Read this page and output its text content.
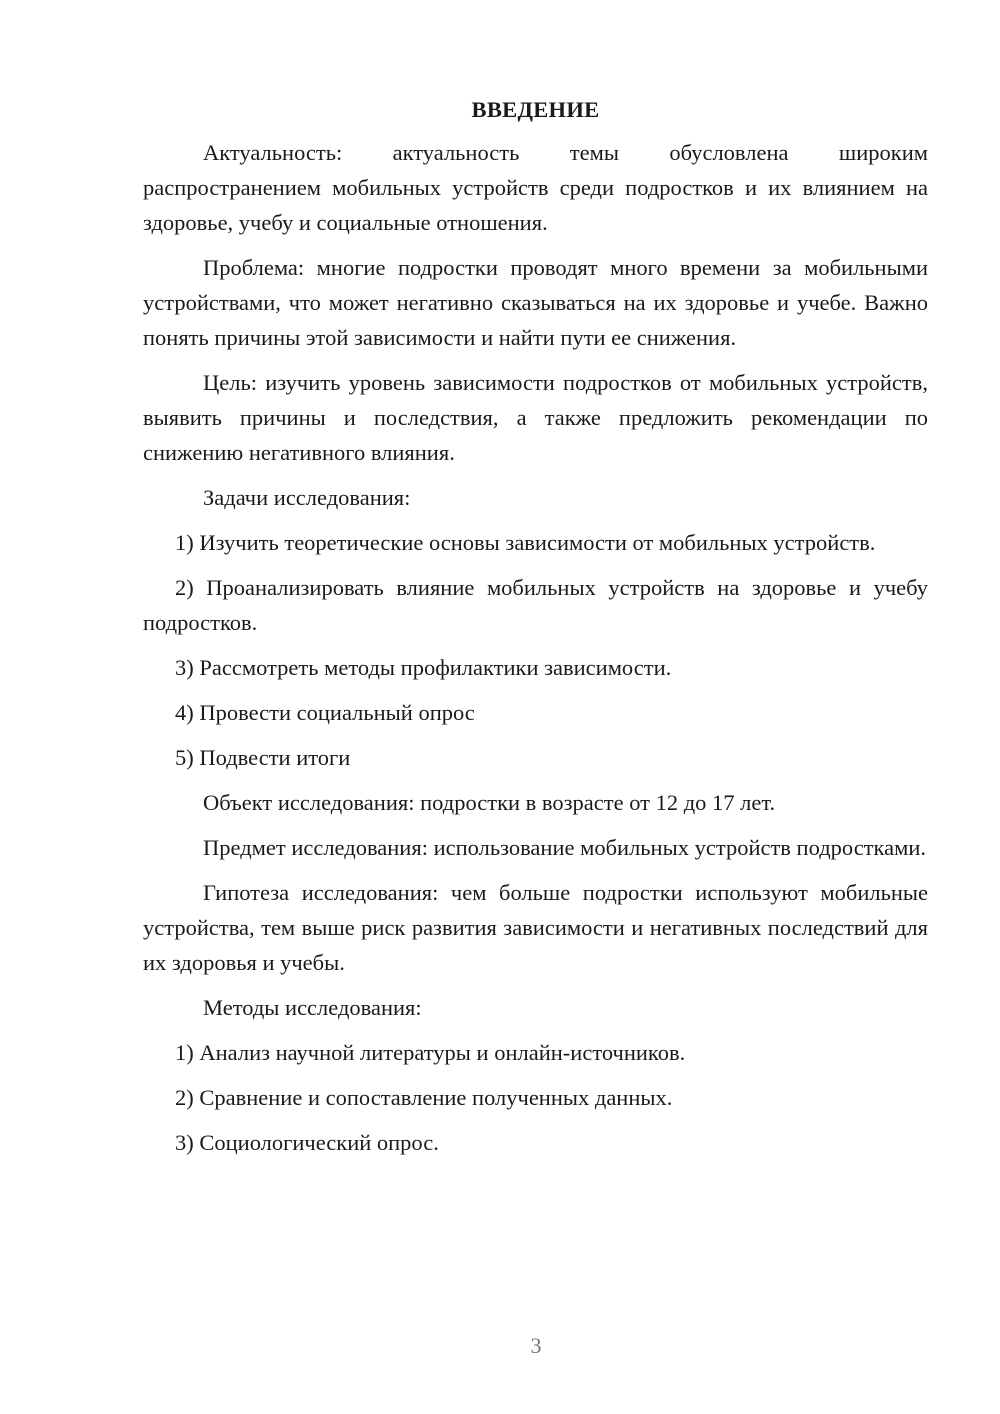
ВВЕДЕНИЕ

Актуальность: актуальность темы обусловлена широким распространением мобильных устройств среди подростков и их влиянием на здоровье, учебу и социальные отношения.

Проблема: многие подростки проводят много времени за мобильными устройствами, что может негативно сказываться на их здоровье и учебе. Важно понять причины этой зависимости и найти пути ее снижения.

Цель: изучить уровень зависимости подростков от мобильных устройств, выявить причины и последствия, а также предложить рекомендации по снижению негативного влияния.

Задачи исследования:

1) Изучить теоретические основы зависимости от мобильных устройств.

2) Проанализировать влияние мобильных устройств на здоровье и учебу подростков.

3) Рассмотреть методы профилактики зависимости.

4) Провести социальный опрос

5) Подвести итоги

Объект исследования: подростки в возрасте от 12 до 17 лет.

Предмет исследования: использование мобильных устройств подростками.

Гипотеза исследования: чем больше подростки используют мобильные устройства, тем выше риск развития зависимости и негативных последствий для их здоровья и учебы.

Методы исследования:

1) Анализ научной литературы и онлайн-источников.

2) Сравнение и сопоставление полученных данных.

3) Социологический опрос.

3
